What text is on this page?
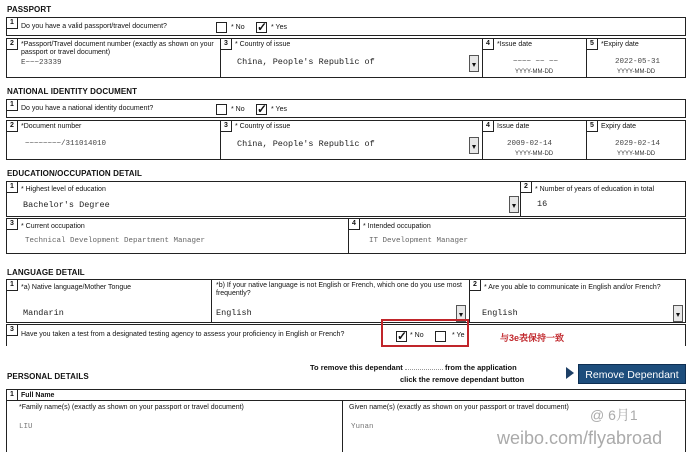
PASSPORT
1
Do you have a valid passport/travel document?	* No ✓	* Yes
2	*Passport/Travel document number (exactly as shown on your passport or travel document)
E~~~23339
3	* Country of issue
China, People's Republic of
4	*Issue date
~~~~ ~~ ~~
YYYY-MM-DD
5	*Expiry date
2022-05-31
YYYY-MM-DD
NATIONAL IDENTITY DOCUMENT
1
Do you have a national identity document?	* No ✓	* Yes
2	*Document number
~~~~~~~~/311014010
3	* Country of issue
China, People's Republic of
4	Issue date
2009-02-14
YYYY-MM-DD
5	Expiry date
2029-02-14
YYYY-MM-DD
EDUCATION/OCCUPATION DETAIL
1	* Highest level of education
Bachelor's Degree
2	* Number of years of education in total
16
3	* Current occupation
Technical Development Department Manager
4	* Intended occupation
IT Development Manager
LANGUAGE DETAIL
1	*a) Native language/Mother Tongue
Mandarin
*b) If your native language is not English or French, which one do you use most frequently?
English
2	* Are you able to communicate in English and/or French?
English
3
Have you taken a test from a designated testing agency to assess your proficiency in English or French? ✓	* No	* Ye	与3e表保持一致
PERSONAL DETAILS
To remove this dependant	from the application
click the remove dependant button	Remove Dependant
1	Full Name
*Family name(s) (exactly as shown on your passport or travel document)
LIU
Given name(s) (exactly as shown on your passport or travel document)
Yunan
@ 6月1
weibo.com/flyabroad
